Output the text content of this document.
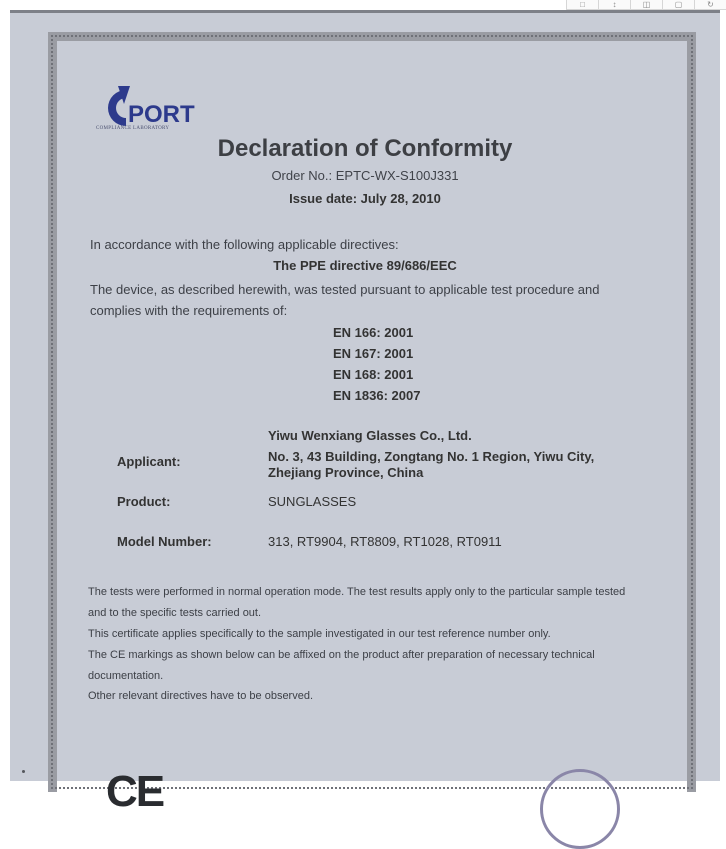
□	↕	◫	▢	↻
PORT
COMPLIANCE LABORATORY
Declaration of Conformity
Order No.: EPTC-WX-S100J331
Issue date: July 28, 2010
In accordance with the following applicable directives:
The PPE directive 89/686/EEC
The device, as described herewith, was tested pursuant to applicable test procedure and
complies with the requirements of:
EN 166: 2001
EN 167: 2001
EN 168: 2001
EN 1836: 2007
Yiwu Wenxiang Glasses Co., Ltd.
Applicant:	No. 3, 43 Building, Zongtang No. 1 Region, Yiwu City,
Zhejiang Province, China
Product:	SUNGLASSES
Model Number:	313, RT9904, RT8809, RT1028, RT0911
The tests were performed in normal operation mode. The test results apply only to the particular sample tested
and to the specific tests carried out.
This certificate applies specifically to the sample investigated in our test reference number only.
The CE markings as shown below can be affixed on the product after preparation of necessary technical
documentation.
Other relevant directives have to be observed.
CE
